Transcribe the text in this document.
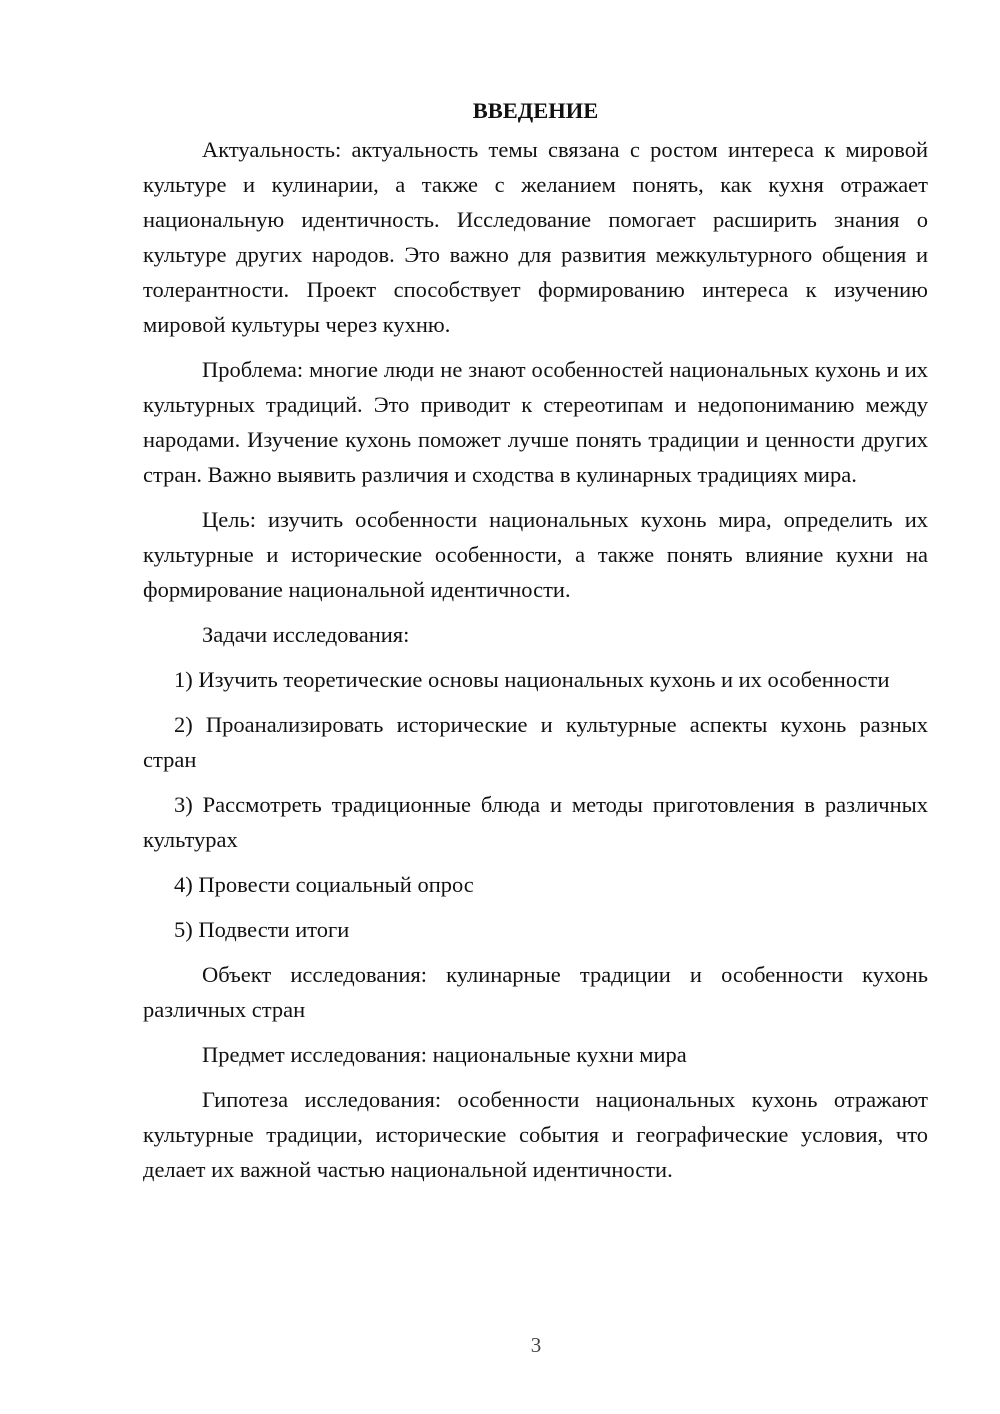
ВВЕДЕНИЕ

Актуальность: актуальность темы связана с ростом интереса к мировой культуре и кулинарии, а также с желанием понять, как кухня отражает национальную идентичность. Исследование помогает расширить знания о культуре других народов. Это важно для развития межкультурного общения и толерантности. Проект способствует формированию интереса к изучению мировой культуры через кухню.

Проблема: многие люди не знают особенностей национальных кухонь и их культурных традиций. Это приводит к стереотипам и недопониманию между народами. Изучение кухонь поможет лучше понять традиции и ценности других стран. Важно выявить различия и сходства в кулинарных традициях мира.

Цель: изучить особенности национальных кухонь мира, определить их культурные и исторические особенности, а также понять влияние кухни на формирование национальной идентичности.

Задачи исследования:

1) Изучить теоретические основы национальных кухонь и их особенности

2) Проанализировать исторические и культурные аспекты кухонь разных стран

3) Рассмотреть традиционные блюда и методы приготовления в различных культурах

4) Провести социальный опрос

5) Подвести итоги

Объект исследования: кулинарные традиции и особенности кухонь различных стран

Предмет исследования: национальные кухни мира

Гипотеза исследования: особенности национальных кухонь отражают культурные традиции, исторические события и географические условия, что делает их важной частью национальной идентичности.

3
